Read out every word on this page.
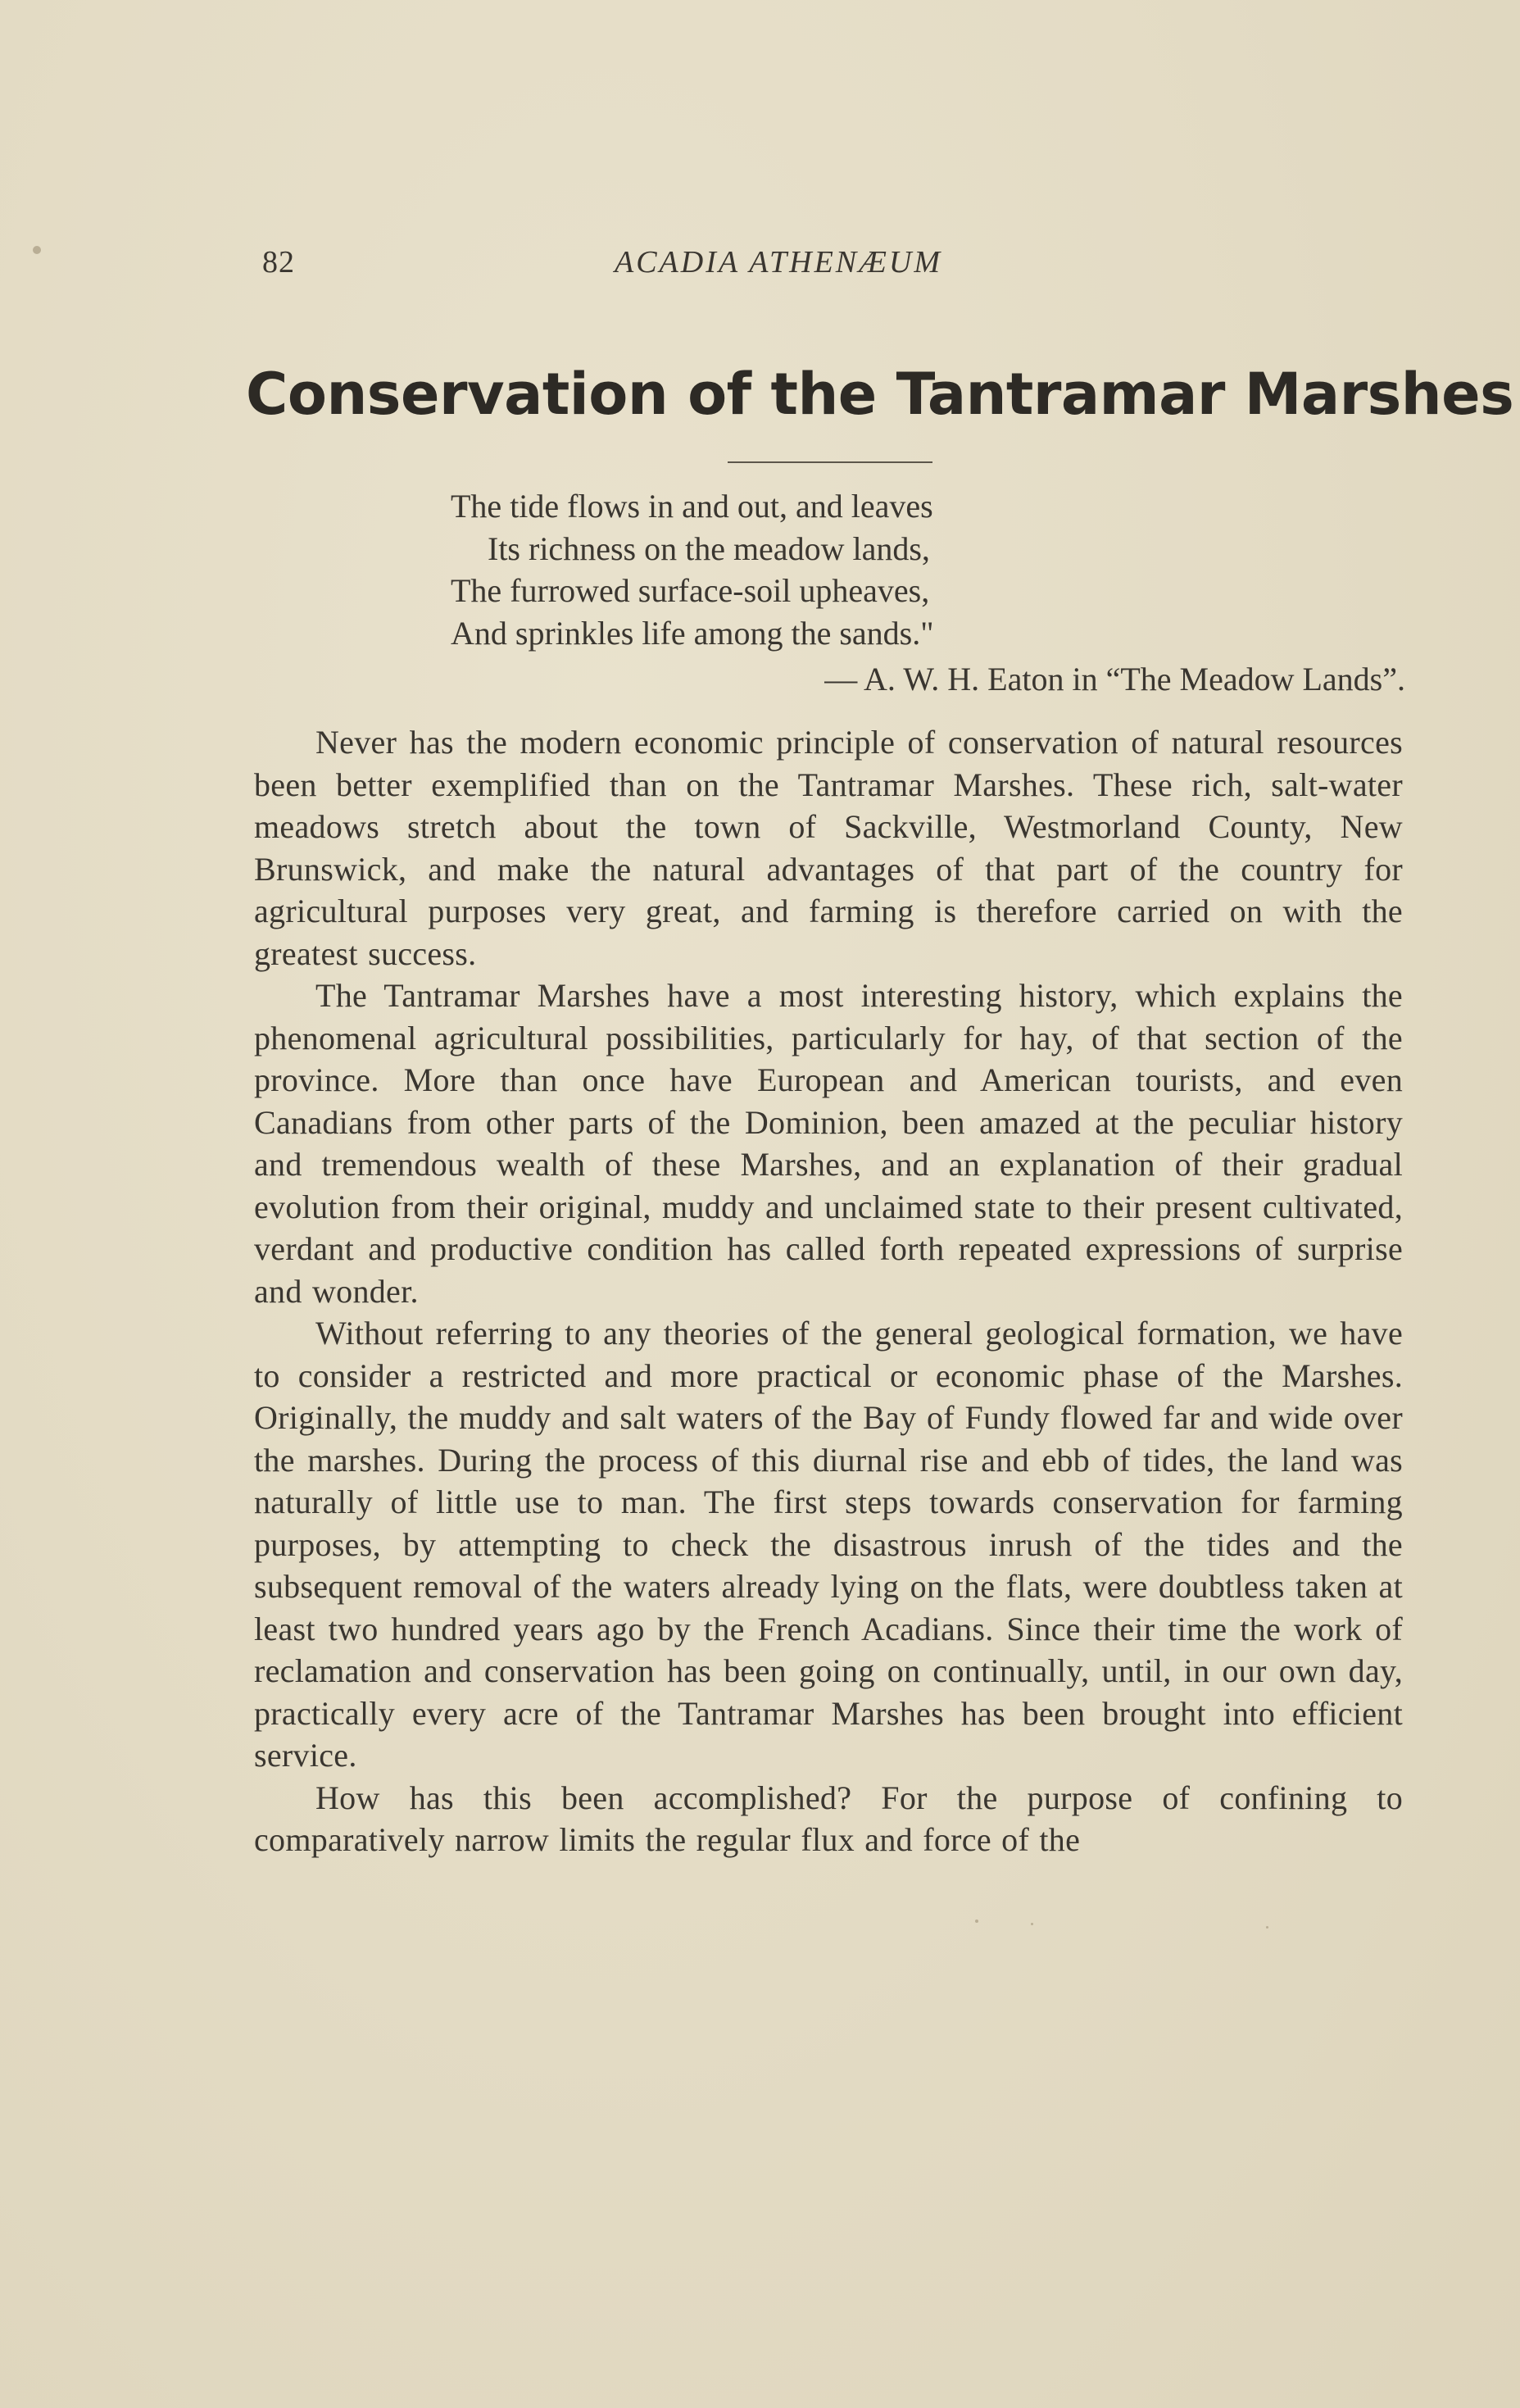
82	ACADIA ATHENÆUM
Conservation of the Tantramar Marshes
The tide flows in and out, and leaves
Its richness on the meadow lands,
The furrowed surface-soil upheaves,
And sprinkles life among the sands."
— A. W. H. Eaton in “The Meadow Lands”.

Never has the modern economic principle of conservation of natural resources been better exemplified than on the Tantramar Marshes. These rich, salt-water meadows stretch about the town of Sackville, Westmorland County, New Brunswick, and make the natural advantages of that part of the country for agricultural purposes very great, and farming is therefore carried on with the greatest success.

The Tantramar Marshes have a most interesting history, which explains the phenomenal agricultural possibilities, particularly for hay, of that section of the province. More than once have European and American tourists, and even Canadians from other parts of the Dominion, been amazed at the peculiar history and tremendous wealth of these Marshes, and an explanation of their gradual evolution from their original, muddy and unclaimed state to their present cultivated, verdant and productive condition has called forth repeated expressions of surprise and wonder.

Without referring to any theories of the general geological formation, we have to consider a restricted and more practical or economic phase of the Marshes. Originally, the muddy and salt waters of the Bay of Fundy flowed far and wide over the marshes. During the process of this diurnal rise and ebb of tides, the land was naturally of little use to man. The first steps towards conservation for farming purposes, by attempting to check the disastrous inrush of the tides and the subsequent removal of the waters already lying on the flats, were doubtless taken at least two hundred years ago by the French Acadians. Since their time the work of reclamation and conservation has been going on continually, until, in our own day, practically every acre of the Tantramar Marshes has been brought into efficient service.

How has this been accomplished? For the purpose of confining to comparatively narrow limits the regular flux and force of the
